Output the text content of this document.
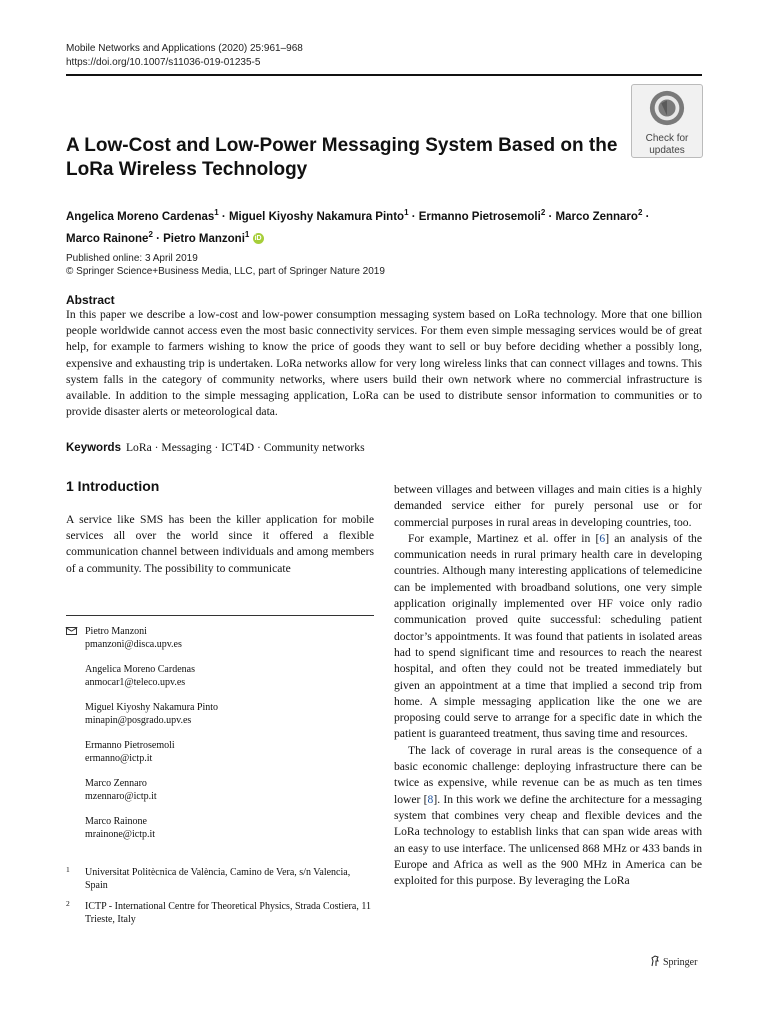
Mobile Networks and Applications (2020) 25:961–968
https://doi.org/10.1007/s11036-019-01235-5
Check for
updates
A Low-Cost and Low-Power Messaging System Based on the LoRa Wireless Technology
Angelica Moreno Cardenas$^1$ · Miguel Kiyoshy Nakamura Pinto$^1$ · Ermanno Pietrosemoli$^2$ · Marco Zennaro$^2$ ·
Marco Rainone$^2$ · Pietro Manzoni$^1$ iD
Published online: 3 April 2019
© Springer Science+Business Media, LLC, part of Springer Nature 2019
Abstract
In this paper we describe a low-cost and low-power consumption messaging system based on LoRa technology. More that one billion people worldwide cannot access even the most basic connectivity services. For them even simple messaging services would be of great help, for example to farmers wishing to know the price of goods they want to sell or buy before deciding whether a possibly long, expensive and exhausting trip is undertaken. LoRa networks allow for very long wireless links that can connect villages and towns. This system falls in the category of community networks, where users build their own network where no commercial infrastructure is available. In addition to the simple messaging application, LoRa can be used to distribute sensor information to communities or to provide disaster alerts or meteorological data.
Keywords LoRa · Messaging · ICT4D · Community networks
1 Introduction

A service like SMS has been the killer application for mobile services all over the world since it offered a flexible communication channel between individuals and among members of a community. The possibility to communicate

Pietro Manzoni
pmanzoni@disca.upv.es
Angelica Moreno Cardenas
anmocar1@teleco.upv.es
Miguel Kiyoshy Nakamura Pinto
minapin@posgrado.upv.es
Ermanno Pietrosemoli
ermanno@ictp.it
Marco Zennaro
mzennaro@ictp.it
Marco Rainone
mrainone@ictp.it
1 Universitat Politècnica de València, Camino de Vera, s/n Valencia, Spain
2 ICTP - International Centre for Theoretical Physics, Strada Costiera, 11 Trieste, Italy

between villages and between villages and main cities is a highly demanded service either for purely personal use or for commercial purposes in rural areas in developing countries, too.

For example, Martinez et al. offer in [6] an analysis of the communication needs in rural primary health care in developing countries. Although many interesting applications of telemedicine can be implemented with broadband solutions, one very simple application originally implemented over HF voice only radio communication proved quite successful: scheduling patient doctor’s appointments. It was found that patients in isolated areas had to spend significant time and resources to reach the nearest hospital, and often they could not be treated immediately but given an appointment at a time that implied a second trip from home. A simple messaging application like the one we are proposing could serve to arrange for a specific date in which the patient is guaranteed treatment, thus saving time and resources.

The lack of coverage in rural areas is the consequence of a basic economic challenge: deploying infrastructure there can be twice as expensive, while revenue can be as much as ten times lower [8]. In this work we define the architecture for a messaging system that combines very cheap and flexible devices and the LoRa technology to establish links that can span wide areas with an easy to use interface. The unlicensed 868 MHz or 433 bands in Europe and Africa as well as the 900 MHz in America can be exploited for this purpose. By leveraging the LoRa

Springer
